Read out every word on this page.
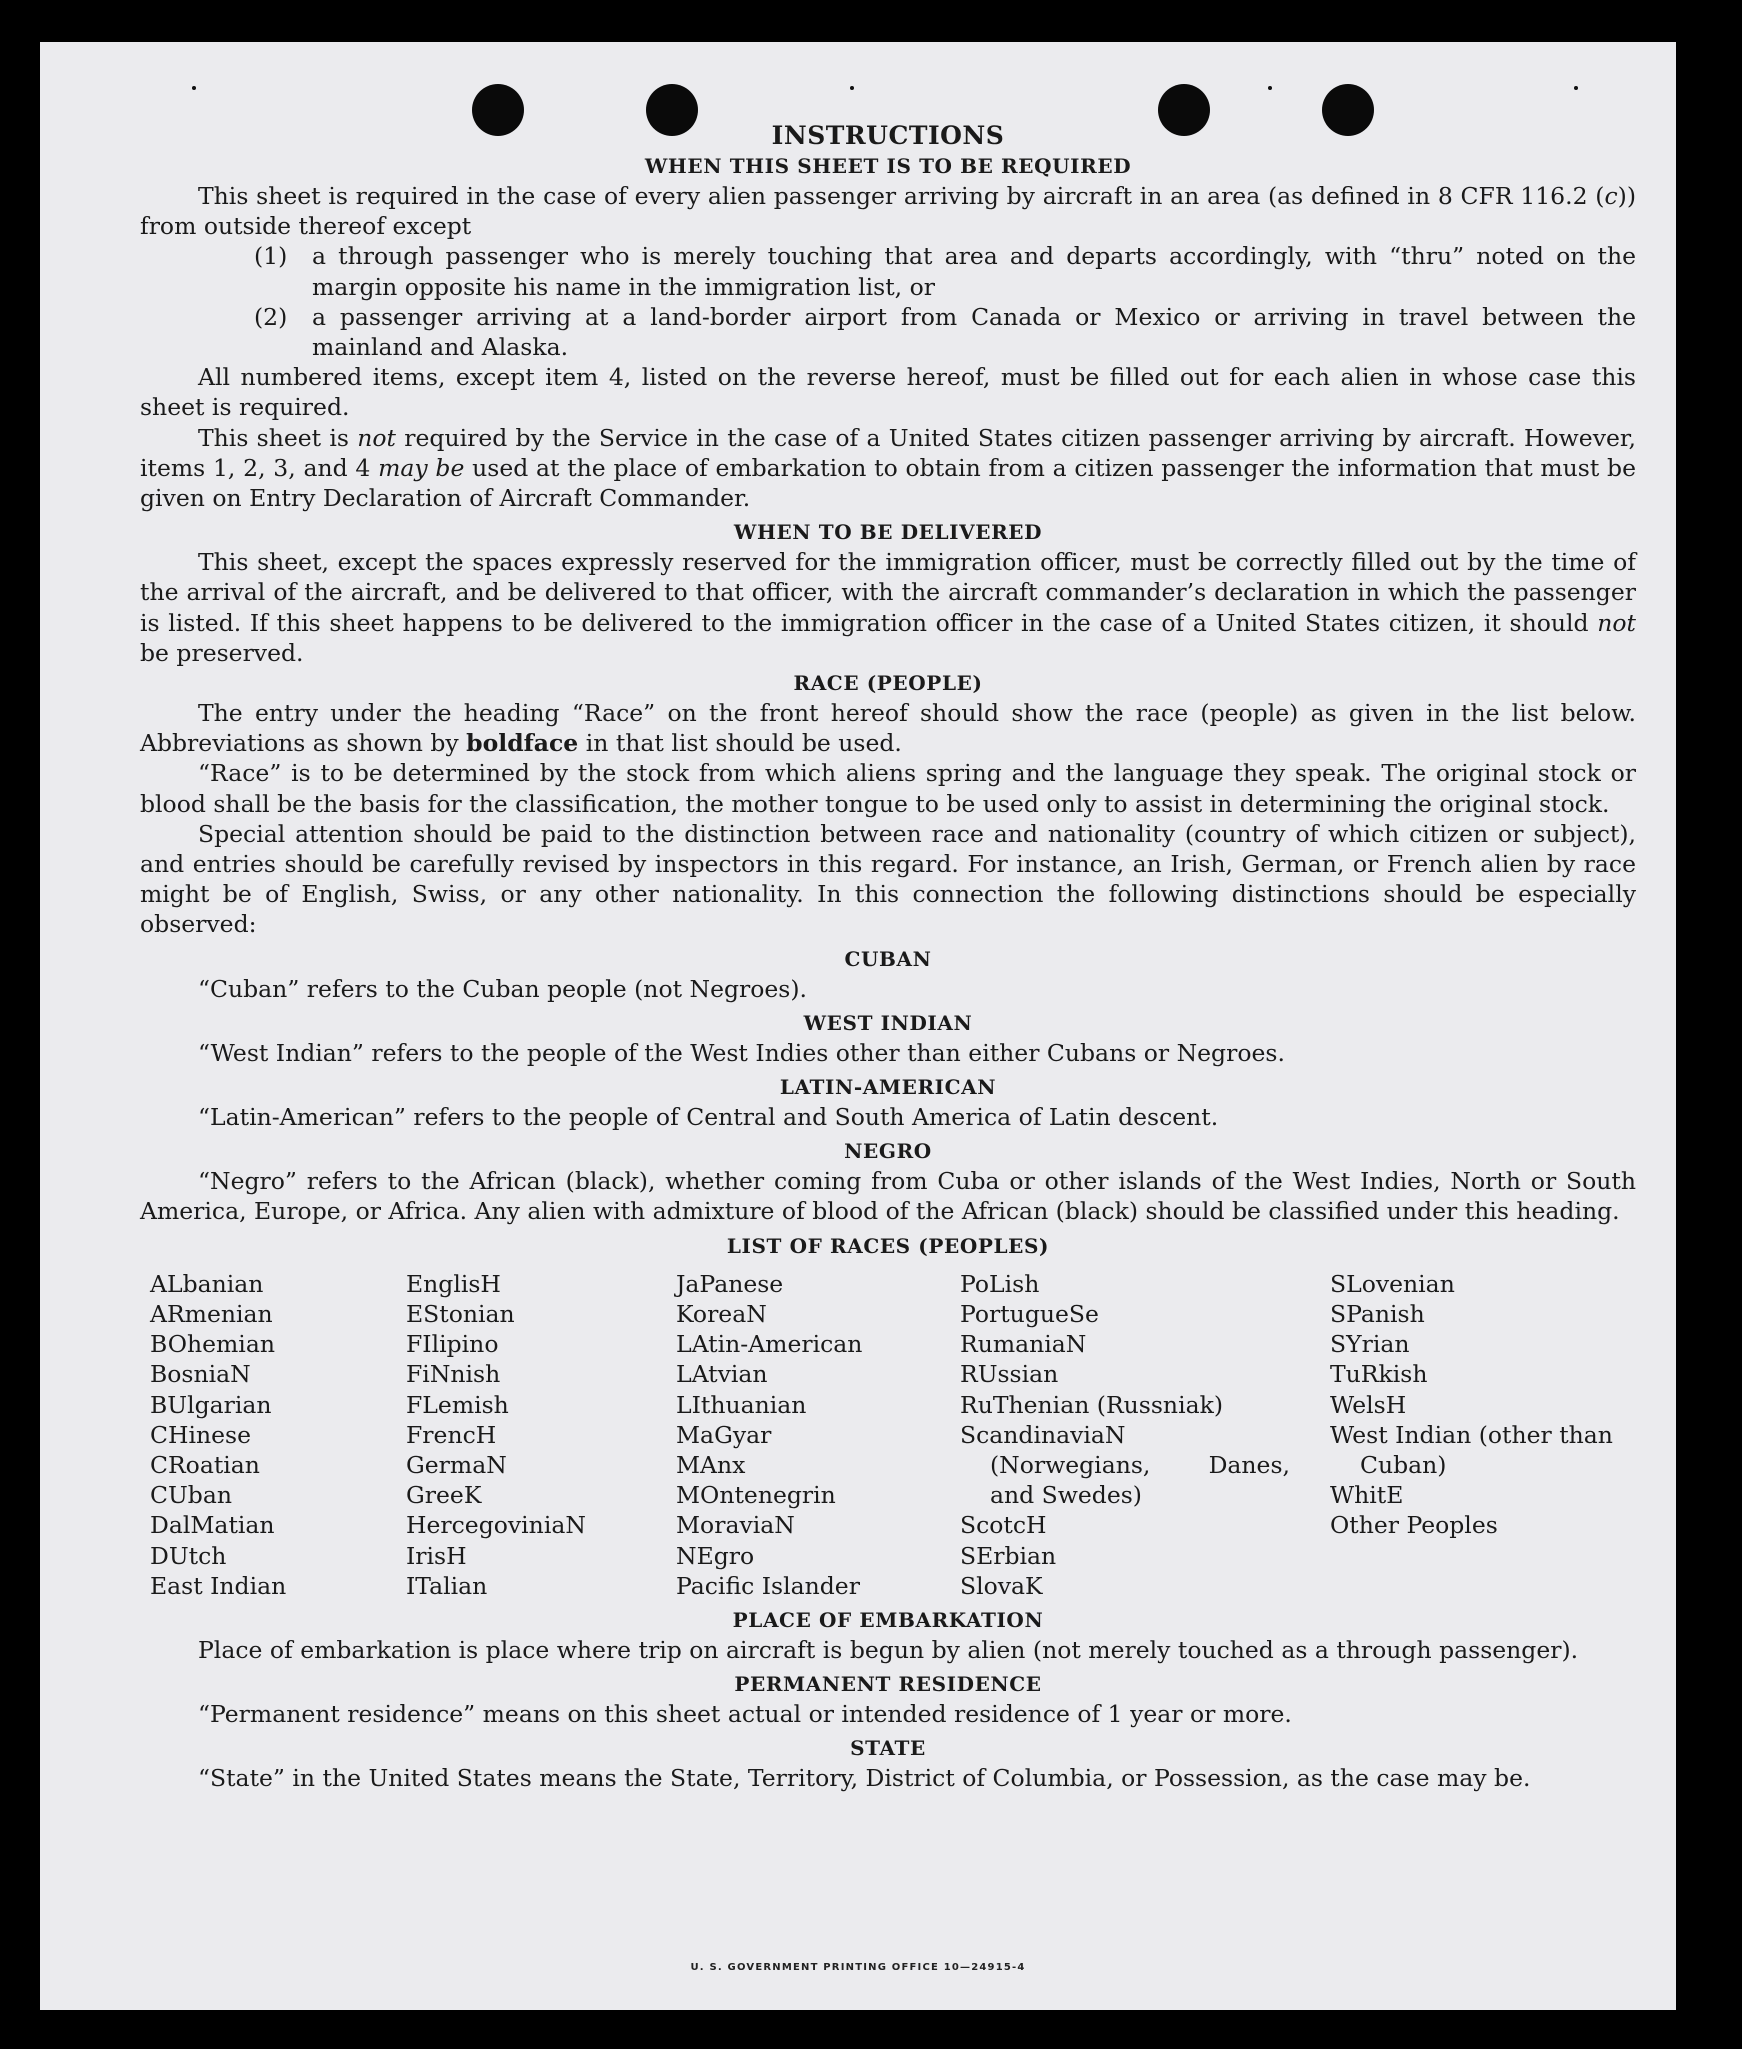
INSTRUCTIONS
WHEN THIS SHEET IS TO BE REQUIRED

This sheet is required in the case of every alien passenger arriving by aircraft in an area (as defined in 8 CFR 116.2 (c)) from outside thereof except

(1) a through passenger who is merely touching that area and departs accordingly, with “thru” noted on the margin opposite his name in the immigration list, or

(2) a passenger arriving at a land-border airport from Canada or Mexico or arriving in travel between the mainland and Alaska.

All numbered items, except item 4, listed on the reverse hereof, must be filled out for each alien in whose case this sheet is required.

This sheet is not required by the Service in the case of a United States citizen passenger arriving by aircraft. However, items 1, 2, 3, and 4 may be used at the place of embarkation to obtain from a citizen passenger the information that must be given on Entry Declaration of Aircraft Commander.

WHEN TO BE DELIVERED

This sheet, except the spaces expressly reserved for the immigration officer, must be correctly filled out by the time of the arrival of the aircraft, and be delivered to that officer, with the aircraft commander’s declaration in which the passenger is listed. If this sheet happens to be delivered to the immigration officer in the case of a United States citizen, it should not be preserved.

RACE (PEOPLE)

The entry under the heading “Race” on the front hereof should show the race (people) as given in the list below. Abbreviations as shown by boldface in that list should be used.

“Race” is to be determined by the stock from which aliens spring and the language they speak. The original stock or blood shall be the basis for the classification, the mother tongue to be used only to assist in determining the original stock.

Special attention should be paid to the distinction between race and nationality (country of which citizen or subject), and entries should be carefully revised by inspectors in this regard. For instance, an Irish, German, or French alien by race might be of English, Swiss, or any other nationality. In this connection the following distinctions should be especially observed:

CUBAN

“Cuban” refers to the Cuban people (not Negroes).

WEST INDIAN

“West Indian” refers to the people of the West Indies other than either Cubans or Negroes.

LATIN-AMERICAN

“Latin-American” refers to the people of Central and South America of Latin descent.

NEGRO

“Negro” refers to the African (black), whether coming from Cuba or other islands of the West Indies, North or South America, Europe, or Africa. Any alien with admixture of blood of the African (black) should be classified under this heading.

LIST OF RACES (PEOPLES)
ALbanian
ARmenian
BOhemian
BosniaN
BUlgarian
CHinese
CRoatian
CUban
DalMatian
DUtch
East Indian
EnglisH
EStonian
FIlipino
FiNnish
FLemish
FrencH
GermaN
GreeK
HercegovinіaN
IrisH
ITalian
JaPanese
KoreaN
LAtin-American
LAtvian
LIthuanian
MaGyar
MAnx
MOntenegrin
MoraviaN
NEgro
Pacific Islander
PoLish
PortugueSe
RumaniaN
RUssian
RuThenian (Russniak)
ScandinaviaN (Norwegians, Danes, and Swedes)
ScotcH
SErbian
SlovaK
SLovenian
SPanish
SYrian
TuRkish
WelsH
West Indian (other than Cuban)
WhitE
Other Peoples
PLACE OF EMBARKATION

Place of embarkation is place where trip on aircraft is begun by alien (not merely touched as a through passenger).

PERMANENT RESIDENCE

“Permanent residence” means on this sheet actual or intended residence of 1 year or more.

STATE

“State” in the United States means the State, Territory, District of Columbia, or Possession, as the case may be.

U. S. GOVERNMENT PRINTING OFFICE 10—24915-4
